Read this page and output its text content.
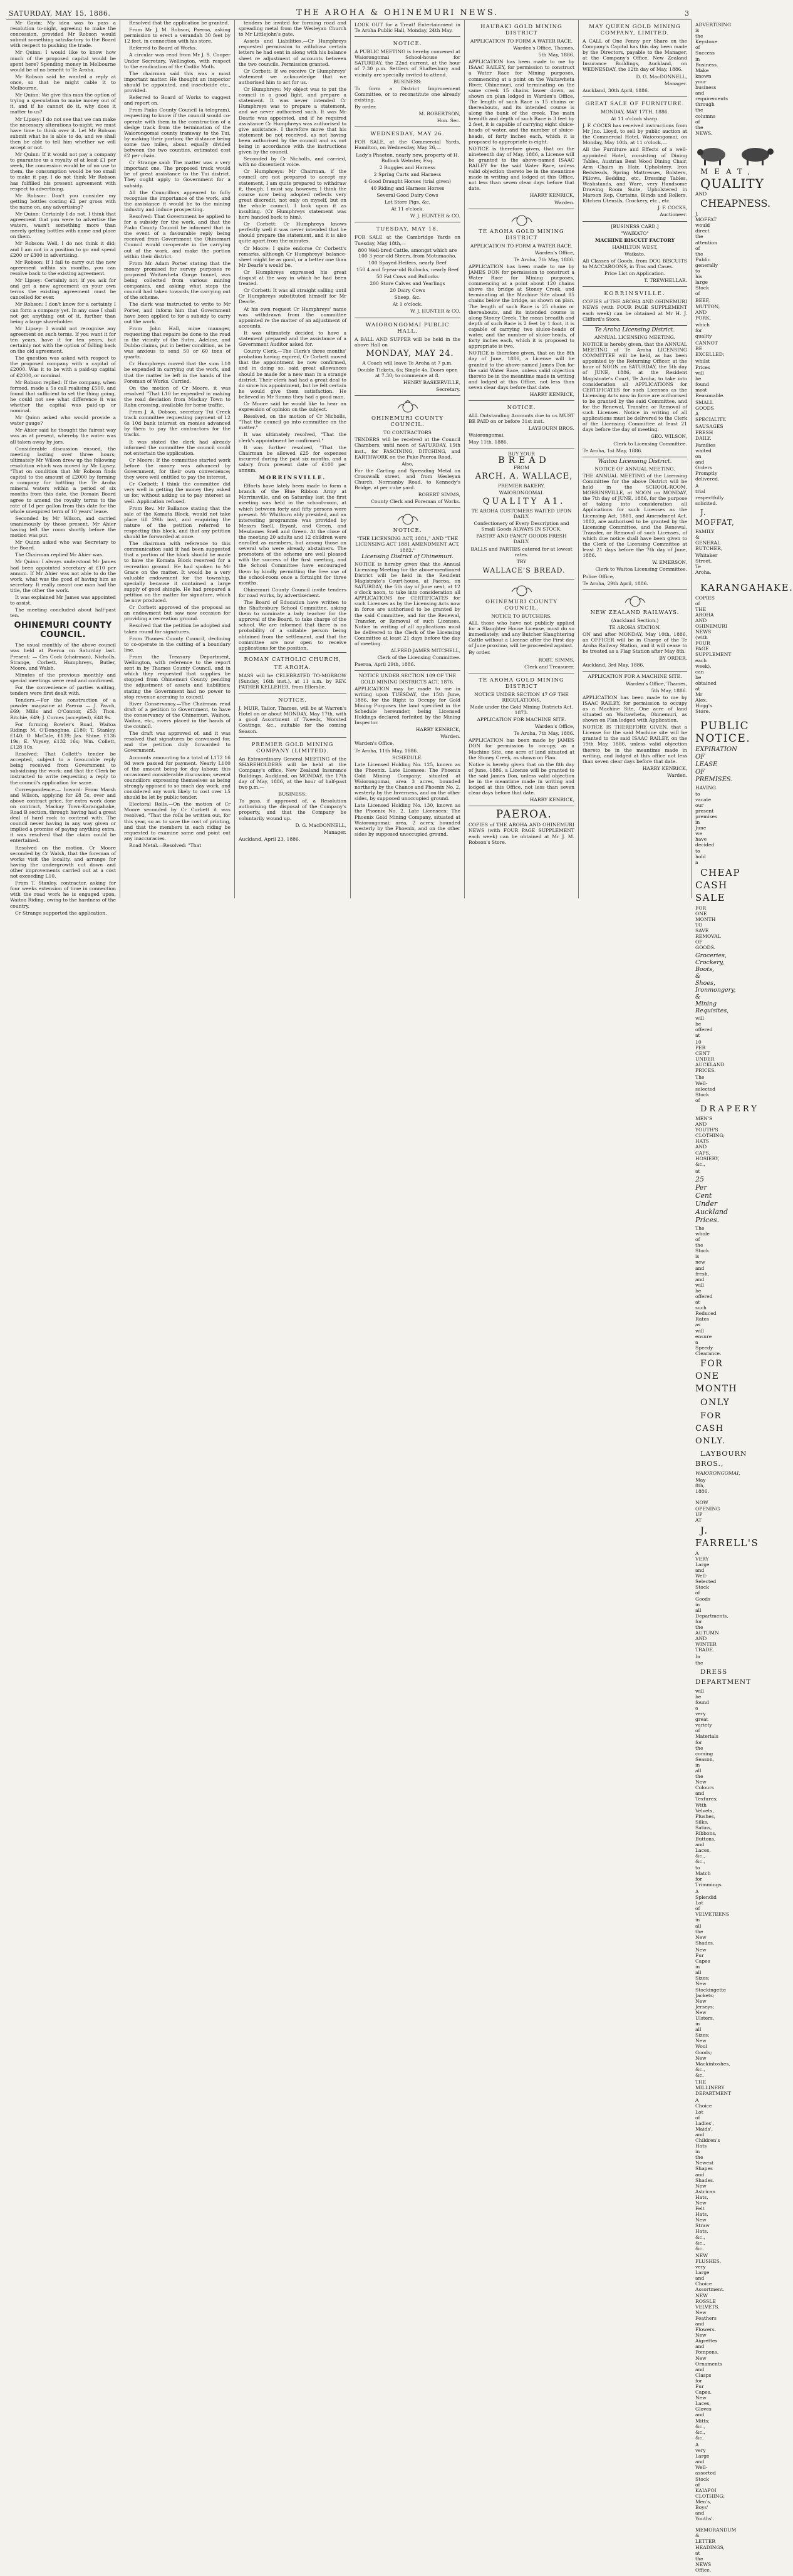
SATURDAY, MAY 15, 1886.	THE AROHA & OHINEMURI NEWS.	3

Mr Gavin: My idea was to pass a resolution to-night, agreeing to make the concession, provided Mr Robson would submit something satisfactory to the Board with respect to pushing the trade.

Mr Quinn: I would like to know how much of the proposed capital would be spent here? Spending money in Melbourne would be of no benefit to Te Aroha.

Mr Robson said he wanted a reply at once, so that he might cable it to Melbourne.

Mr Quinn: We give this man the option of trying a speculation to make money out of it, and if he cannot do it, why does it matter to us?

Mr Lipsey: I do not see that we can make the necessary alterations to-night; we must have time to think over it. Let Mr Robson submit what he is able to do, and we shall then be able to tell him whether we will accept or not.

Mr Quinn: If it would not pay a company to guarantee us a royalty of at least £1 per week, the concession would be of no use to them, the consumption would be too small to make it pay. I do not think Mr Robson has fulfilled his present agreement with respect to advertising.

Mr Robson: Don't you consider my getting bottles costing £2 per gross with the name on, any advertising?

Mr Quinn: Certainly I do not. I think that agreement that you were to advertise the waters, wasn't something more than merely getting bottles with name and place on them.

Mr Robson: Well, I do not think it did; and I am not in a position to go and spend £200 or £300 in advertising.

Mr Robson: If I fail to carry out the new agreement within six months, you can resolve back to the existing agreement.

Mr Lipsey: Certainly not; if you ask for and get a new agreement on your own terms the existing agreement must be cancelled for ever.

Mr Robson: I don't know for a certainty I can form a company yet. In any case I shall not get anything out of it, further than being a large shareholder.

Mr Lipsey: I would not recognise any agreement on such terms. If you want it for ten years, have it for ten years, but certainly not with the option of falling back on the old agreement.

The question was asked with respect to the proposed company with a capital of £2000. Was it to be with a paid-up capital of £2000, or nominal.

Mr Robson replied: If the company, when formed, made a 5s call realising £500, and found that sufficient to set the thing going, he could not see what difference it was whether the capital was paid-up or nominal.

Mr Quinn asked who would provide a water gauge?

Mr Ahier said he thought the fairest way was as at present, whereby the water was all taken away by jars.

Considerable discussion ensued, the meeting lasting over three hours; ultimately Mr Wilson drew up the following resolution which was moved by Mr Lipsey, "That on condition that Mr Robson finds capital to the amount of £2000 by forming a company for bottling the Te Aroha mineral waters within a period of six months from this date, the Domain Board agree to amend the royalty terms to the rate of 1d per gallon from this date for the whole unexpired term of 10 years' lease.

Seconded by Mr Wilson, and carried unanimously by those present, Mr Ahier having left the room shortly before the motion was put.

Mr Quinn asked who was Secretary to the Board.

The Chairman replied Mr Ahier was.

Mr Quinn: I always understood Mr James had been appointed secretary at £10 per annum. If Mr Ahier was not able to do the work, what was the good of having him as secretary. It really meant one man had the title, the other the work.

It was explained Mr James was appointed to assist.

The meeting concluded about half-past ten.

OHINEMURI COUNTY COUNCIL.

The usual monthly of the above council was held at Paeroa on Saturday last. Present: — Crs Cock (chairman), Nicholls, Strange, Corbett, Humphreys, Butler, Moore, and Walsh.

Minutes of the previous monthly and special meetings were read and confirmed.

For the convenience of parties waiting, tenders were first dealt with.

Tenders.—For the construction of a powder magazine at Paeroa — J. Pavch, £69; Mills and O'Connor, £53; Thos. Ritchie, £49; J. Cornes (accepted), £48 9s.

For forming Bowler's Road, Waitoa Riding: M. O'Donoghue, £180; T. Stanley, £140; O. McCale, £139; Jas. Shine, £136 19s; E. Voysey, £132 16s; Wm. Collett, £128 10s.

Resolved: That Collett's tender be accepted, subject to a favourable reply being received from Government to subsidising the work; and that the Clerk be instructed to write requesting a reply to the council's application for same.

Correspondence.— Inward: From Marsh and Wilson, applying for £8 5s, over and above contract price, for extra work done on contract, Mackay Town-Karangahake, Road B section, through having had a great deal of hard rock to contend with. The council never having in any way given or implied a promise of paying anything extra, it was resolved that the claim could be entertained.

Resolved on the motion, Cr Moore seconded by Cr Walsh, that the foreman of works visit the locality, and arrange for having the undergrowth cut down and other improvements carried out at a cost not exceeding L10.

From T. Stanley, contractor, asking for four weeks extension of time in connection with the road work he is engaged upon, Waitoa Riding, owing to the hardness of the country.

Cr Strange supported the application.

Resolved that the application be granted.

From Mr J. M. Robson, Paeroa, asking permission to erect a verandah 30 feet by 12 feet, in connection with his store.

Referred to Board of Works.

A circular was read from Mr J. S. Cooper Under Secretary, Wellington, with respect to the eradication of the Codlin Moth.

The chairman said this was a most important matter. He thought an inspector should be appointed, and insecticide etc., provided.

Referred to Board of Works to suggest and report on.

From Piako County Council (a telegram), requesting to know if the council would co-operate with them in the construction of a sledge track from the termination of the Waiorongomai county tramway to the Tui, by making their portion; the distance being some two miles, about equally divided between the two counties, estimated cost £2 per chain.

Cr Strange said: The matter was a very important one. The proposed track would be of great assistance to the Tui district. They ought apply to Government for a subsidy.

All the Councillors appeared to fully recognise the importance of the work, and the assistance it would be to the mining industry and induce prospecting.

Resolved: That Government be applied to for a subsidy for the work, and that the Piako County Council be informed that in the event of a favourable reply being received from Government the Ohinemuri Council would co-operate in the carrying out of the work, and make the portion within their district.

From Mr Adam Porter stating that the money promised for survey purposes re proposed Waitawheta Gorge tunnel, was being collected from various mining companies, and asking what steps the council had taken towards the carrying out of the scheme.

The clerk was instructed to write to Mr Porter, and inform him that Government have been applied to for a subsidy to carry out the work.

From John Hall, mine manager, requesting that repairs be done to the road in the vicinity of the Sutro, Adeline, and Dubbo claims, put in better condition, as he was anxious to send 50 or 60 tons of quartz.

Cr Humphreys moved that the sum L10 be expended in carrying out the work, and that the matter be left in the hands of the Foreman of Works. Carried.

On the motion of Cr Moore, it was resolved "That L10 be expended in making the road deviation from Mackay Town to Rahu crossing, available for horse traffic.

From J. A. Dobson, secretary Tui Creek track committee requesting payment of L2 6s 10d bank interest on monies advanced by them to pay the contractors for the tracks.

It was stated the clerk had already informed the committee the council could not entertain the application.

Cr Moore: If the committee started work before the money was advanced by Government, for their own convenience; they were well entitled to pay the interest.

Cr Corbett: I think the committee did very well in getting the money they asked us for, without asking us to pay interest as well. Application refused.

From Rev. Mr Ballance stating that the sale of the Komata Block, would not take place till 29th inst, and enquiring the nature of the petition referred to respecting this block, and that any petition should be forwarded at once.

The chairman with reference to this communication said it had been suggested that a portion of the block should be made to have the Komata Block reserved for a recreation ground. He had spoken to Mr Grace on the matter. It would be a very valuable endowment for the township, specially because it contained a large supply of good shingle. He had prepared a petition on the matter for signature, which he now produced.

Cr Corbett approved of the proposal as an endowment but saw now occasion for providing a recreation ground.

Resolved that the petition be adopted and taken round for signatures.

From Thames County Council, declining to co-operate in the cutting of a boundary line.

From the Treasury Department, Wellington, with reference to the report sent in by Thames County Council, and in which they requested that supplies be stopped from Ohinemuri County pending the adjustment of assets and liabilities; stating the Government had no power to stop revenue accruing to council.

River Conservancy.—The Chairman read draft of a petition to Government, to have the conservancy of the Ohinemuri, Waihou, Waitoa, etc., rivers placed in the hands of the council.

The draft was approved of, and it was resolved that signatures be canvassed for, and the petition duly forwarded to Government.

Accounts amounting to a total of L172 16 9d were passed for payment. Nearly L100 of the amount being for day labour, this occasioned considerable discussion; several councillors expressing themselves as being strongly opposed to so much day work, and considered any work likely to cost over L5 should be let by public tender.

Electoral Rolls.—On the motion of Cr Moore seconded by Cr Corbett it was resolved, "That the rolls be written out, for this year, so as to save the cost of printing, and that the members in each riding be requested to examine same and point out any inaccuracies.

Road Metal.—Resolved: "That

tenders be invited for forming road and spreading metal from the Wesleyan Church to Mr Littlejohn's gate.

Assets and Liabilities.—Cr Humphreys requested permission to withdraw certain letters he had sent in along with his balance sheet re adjustment of accounts between the two councils. Permission granted.

Cr Corbett: If we receive Cr Humphreys' statement we acknowledge that we authorised him to act for us.

Cr Humphreys: My object was to put the council in a good light, and prepare a statement. It was never intended Cr Humphreys was to prepare a statement, and we never authorised such. It was Mr Dearle was appointed, and if he required assistance Cr Humphreys was authorised to give assistance. I therefore move that his statement be not received, as not having been authorised by the council and as not being in accordance with the instructions given by the council.

Seconded by Cr Nicholls, and carried, with no dissentient voice.

Cr Humphreys: Mr Chairman, if the council are not prepared to accept my statement, I am quite prepared to withdraw it, though. I must say, however, I think the course now being adopted reflects very great discredit, not only on myself, but on the whole council. I look upon it as insulting. (Cr Humphreys statement was here handed back to him).

Cr Corbett: Cr Humphreys knows perfectly well it was never intended that he should prepare the statement, and it is also quite apart from the minutes.

Cr Moore: I quite endorse Cr Corbett's remarks, although Cr Humphreys' balance-sheet might be as good, or a better one than Mr Dearle's would be.

Cr Humphreys expressed his great disgust at the way in which he had been treated.

Cr Corbett: It was all straight sailing until Cr Humphreys substituted himself for Mr Dearle.

At his own request Cr Humphreys' name was withdrawn from the committee appointed re the matter of an adjustment of accounts.

It was ultimately decided to have a statement prepared and the assistance of a Government Auditor asked for.

County Clerk.—The Clerk's three months' probation having expired, Cr Corbett moved that the appointment be now confirmed, and in doing so, said great allowances should be made for a new man in a strange district. Their clerk had had a great deal to do since his appointment, but he felt certain he would give them satisfaction. He believed in Mr Simms they had a good man.

Cr Moore said he would like to hear an expression of opinion on the subject.

Resolved, on the motion of Cr Nicholls, "That the council go into committee on the matter."

It was ultimately resolved, "That the clerk's appointment be confirmed."

It was further resolved, "That the Chairman be allowed £25 for expenses incurred during the past six months, and a salary from present date of £100 per annum.

MORRINSVILLE.

Efforts have lately been made to form a branch of the Blue Ribbon Army at Morrinsville, and on Saturday last the first meeting was held in the school-room, at which between forty and fifty persons were present. Mr Whitburn ably presided, and an interesting programme was provided by Messrs Snell, Bryant, and Green, and Mesdames Snell and Green. At the close of the meeting 20 adults and 12 children were enrolled as members, but among those on several who were already abstainers. The promoters of the scheme are well pleased with the success of the first meeting, and the School Committee have encouraged them by kindly permitting the free use of the school-room once a fortnight for three months.

Ohinemuri County Council invite tenders for road works, by advertisement.

The Board of Education have written to the Shaftesbury School Committee, asking them to nominate a lady teacher for the approval of the Board, to take charge of the school. We are informed that there is no probability of a suitable person being obtained from the settlement, and that the committee are now open to receive applications for the position.

ROMAN CATHOLIC CHURCH,
TE AROHA.

MASS will be CELEBRATED TO-MORROW (Sunday, 16th inst.), at 11 a.m. by REV. FATHER KELLEHER, from Ellerslie.

NOTICE.

J. MUIR, Tailor, Thames, will be at Warren's Hotel on or about MONDAY, May 17th, with a good Assortment of Tweeds, Worsted Coatings, &c., suitable for the coming Season.

PREMIER GOLD MINING COMPANY (LIMITED).

An Extraordinary General MEETING of the SHAREHOLDERS will be held at the Company's office, New Zealand Insurance Buildings, Auckland, on MONDAY, the 17th day of May, 1886, at the hour of half-past two p.m.—

BUSINESS:

To pass, if approved of, a Resolution authorising the disposal of the Company's property, and that the Company be voluntarily wound up.

D. G. MacDONNELL,

Manager.

Auckland, April 23, 1886.

LOOK OUT for a Treat! Entertainment in Te Aroha Public Hall, Monday, 24th May.

NOTICE.

A PUBLIC MEETING is hereby convened at Waiorongomai School-house for SATURDAY, the 22nd current, at the hour of 7.30 p.m. Settlers of Shaftesbury and vicinity are specially invited to attend.

BUSINESS:

To form a District Improvement Committee, or to reconstitute one already existing.

By order.

M. ROBERTSON,

Hon. Sec.

WEDNESDAY, MAY 26.

FOR SALE, at the Commercial Yards, Hamilton, on Wednesday, May 26,—

Lady's Phaeton, nearly new, property of H. Bullock Webster, Esq.

2 Buggies and Harness

2 Spring Carts and Harness

4 Good Draught Horses (trial given)

40 Riding and Harness Horses

Several Good Dairy Cows

Lot Store Pigs, &c.

At 11 o'clock.

W. J. HUNTER & CO.

TUESDAY, MAY 18.

FOR SALE at the Cambridge Yards on Tuesday, May 18th,—

800 Well-bred Cattle, amongst which are 100 3 year-old Steers, from Motumaoho,

100 Spayed Heifers, nearly Beef

150 4 and 5-year-old Bullocks, nearly Beef

50 Fat Cows and Bullocks

200 Store Calves and Yearlings

20 Dairy Cows

Sheep, &c.

At 1 o'clock.

W. J. HUNTER & CO.

WAIORONGOMAI PUBLIC HALL.

A BALL AND SUPPER will be held in the above Hall on

MONDAY, MAY 24.

A Coach will leave Te Aroha at 7 p.m.

Double Tickets, 6s; Single 4s. Doors open at 7.30; to commence at 8.

HENRY BASKERVILLE,

Secretary.

OHINEMURI COUNTY COUNCIL.

TO CONTRACTORS

TENDERS will be received at the Council Chambers, until noon of SATURDAY, 15th inst., for FASCINING, DITCHING, and EARTHWORK on the Puke Paeroa Road.

Also,

For the Carting and Spreading Metal on Crosswalk street, and from Wesleyan Church, Normanby Road, to Kennedy's Bridge, at per cube yard.

ROBERT SIMMS,

County Clerk and Foreman of Works.

NOTICE.

"THE LICENSING ACT, 1881," AND "THE LICENSING ACT 1881 AMENDMENT ACT, 1882."

Licensing District of Ohinemuri.

NOTICE is hereby given that the Annual Licensing Meeting for the above-mentioned District will be held in the Resident Magistrate's Court-house, at Paeroa, on SATURDAY, the 5th day of June next, at 12 o'clock noon, to take into consideration all APPLICATIONS for CERTIFICATES for such Licenses as by the Licensing Acts now in force are authorised to be granted by the said Committee, and for the Renewal, Transfer, or Removal of such Licenses. Notice in writing of all applications must be delivered to the Clerk of the Licensing Committee at least 21 days before the day of meeting.

ALFRED JAMES MITCHELL,

Clerk of the Licensing Committee.

Paeroa, April 29th, 1886.

NOTICE UNDER SECTION 109 OF THE GOLD MINING DISTRICTS ACT, 1876.

APPLICATION may be made to me in writing upon TUESDAY, the 15th June, 1886, for the Right to Occupy for Gold Mining Purposes the land specified in the Schedule hereunder, being Licensed Holdings declared forfeited by the Mining Inspector.

HARRY KENRICK,

Warden.

Warden's Office,

Te Aroha, 11th May, 1886.

SCHEDULE.

Late Licensed Holding No. 125, known as the Phoenix. Late Licensee: The Phoenix Gold Mining Company; situated at Waiorongomai, area 3 acres, bounded northerly by the Chance and Phoenix No. 2, westerly by the Inverness, and on the other sides, by supposed unoccupied ground.

Late Licensed Holding No. 130, known as the Phoenix No. 2. Late Licensees: The Phoenix Gold Mining Company, situated at Waiorongomai; area, 2 acres; bounded westerly by the Phoenix, and on the other sides by supposed unoccupied ground.

HAURAKI GOLD MINING DISTRICT

APPLICATION TO FORM A WATER RACE.

Warden's Office, Thames,

5th May, 1886.

APPLICATION has been made to me by ISAAC RAILEY, for permission to construct a Water Race for Mining purposes, commencing at a point on the Waitawheta River, Ohinemuri, and terminating on the same creek 15 chains lower down, as shown on plan lodged in Warden's Office. The length of such Race is 15 chains or thereabouts, and its intended course is along the bank of the creek. The main breadth and depth of such Race is 3 feet by 2 feet, it is capable of carrying eight sluice-heads of water, and the number of sluice-heads, of forty inches each, which it is proposed to appropriate is eight.

NOTICE is therefore given, that on the nineteenth day of May, 1886, a License will be granted to the above-named ISAAC RAILEY for the said Water Race, unless valid objection thereto be in the meantime made in writing and lodged at this Office, not less than seven clear days before that date.

HARRY KENRICK,

Warden.

TE AROHA GOLD MINING DISTRICT

APPLICATION TO FORM A WATER RACE.

Warden's Office,

Te Aroha, 7th May, 1886.

APPLICATION has been made to me by JAMES DON for permission to construct a Water Race for Mining purposes, commencing at a point about 120 chains above the bridge at Stoney Creek, and terminating at the Machine Site about 85 chains below the bridge, as shown on plan. The length of such Race is 25 chains or thereabouts, and its intended course is along Stoney Creek. The mean breadth and depth of such Race is 2 feet by 1 foot, it is capable of carrying two sluice-heads of water, and the number of sluice-heads, of forty inches each, which it is proposed to appropriate is two.

NOTICE is therefore given, that on the 8th day of June, 1886, a License will be granted to the above-named James Don for the said Water Race, unless valid objection thereto be in the meantime made in writing and lodged at this Office, not less than seven clear days before that date.

HARRY KENRICK,

NOTICE.

ALL Outstanding Accounts due to us MUST BE PAID on or before 31st inst.

LAYBOURN BROS.

Waiorongomai,

May 11th, 1886.

BUY YOUR

BREAD

FROM

ARCH. A. WALLACE,

PREMIER BAKERY,

WAIORONGOMAI.

QUALITY A1.

TE AROHA CUSTOMERS WAITED UPON DAILY.

Confectionery of Every Description and Small Goods ALWAYS IN STOCK.

PASTRY AND FANCY GOODS FRESH DAILY.

BALLS and PARTIES catered for at lowest rates.

TRY

WALLACE'S BREAD.

OHINEMURI COUNTY COUNCIL.

NOTICE TO BUTCHERS.

ALL those who have not publicly applied for a Slaughter House License, must do so immediately; and any Butcher Slaughtering Cattle without a License after the First day of June proximo, will be proceeded against.

By order.

ROBT. SIMMS,

Clerk and Treasurer.

TE AROHA GOLD MINING DISTRICT

NOTICE UNDER SECTION 47 OF THE REGULATIONS,

Made under the Gold Mining Districts Act, 1873.

APPLICATION FOR MACHINE SITE.

Warden's Office,

Te Aroha, 7th May, 1886.

APPLICATION has been made by JAMES DON for permission to occupy, as a Machine Site, one acre of land situated at the Stoney Creek, as shown on Plan.

Notice is hereby given that on the 8th day of June, 1886, a License will be granted to the said James Don, unless valid objection be in the meantime made in writing and lodged at this Office, not less than seven clear days before that date.

HARRY KENRICK,

PAEROA.

COPIES of THE AROHA AND OHINEMURI NEWS (with FOUR PAGE SUPPLEMENT each week) can be obtained at Mr J. M. Robson's Store.

MAY QUEEN GOLD MINING COMPANY, LIMITED.

A CALL of One Penny per Share on the Company's Capital has this day been made by the Directors, payable to the Manager, at the Company's Office, New Zealand Insurance Buildings, Auckland, on WEDNESDAY, the 12th day of May, 1886.

D. G. MacDONNELL,

Manager.

Auckland, 30th April, 1886.

GREAT SALE OF FURNITURE.

MONDAY, MAY 17TH, 1886.

At 11 o'clock sharp.

J. F. COCKS has received instructions from Mr Jno. Lloyd, to sell by public auction at the Commercial Hotel, Waiorongomai, on Monday, May 10th, at 11 o'clock,—

All the Furniture and Effects of a well-appointed Hotel, consisting of Dining Tables, Austrian Bent Wood Dining Chair, Arm Chairs in Hair, Upholstery, Iron Bedsteads, Spring Mattresses, Bolsters, Pillows, Bedding, etc, Dressing Tables, Washstands, and Ware, very Handsome Drawing Room Suite, Upholstered in Maroon Rep, Curtains, Blinds and Rollers, Kitchen Utensils, Crockery, etc., etc.

J. F. COCKS,

Auctioneer.

[BUSINESS CARD.]

"WAIKATO"

MACHINE BISCUIT FACTORY

HAMILTON WEST,

Waikato.

All Classes of Goods, from DOG BISCUITS to MACCAROONS, in Tins and Cases.

Price List on Application.

T. TREWHELLAR.

KORRINSVILLE.

COPIES of THE AROHA AND OHINEMURI NEWS (with FOUR PAGE SUPPLEMENT each week) can be obtained at Mr H. J. Clifford's Store.

Te Aroha Licensing District.

ANNUAL LICENSING MEETING.

NOTICE is hereby given, that the ANNUAL MEETING of Te Aroha LICENSING COMMITTEE will be held, as has been appointed by the Returning Officer, at the hour of NOON on SATURDAY, the 5th day of JUNE, 1886, at the Resident Magistrate's Court, Te Aroha, to take into consideration all APPLICATIONS for CERTIFICATES for such Licenses as the Licensing Acts now in force are authorised to be granted by the said Committee, and for the Renewal, Transfer, or Removal of such Licenses. Notice in writing of all applications must be delivered to the Clerk of the Licensing Committee at least 21 days before the day of meeting.

GEO. WILSON,

Clerk to Licensing Committee.

Te Aroha, 1st May, 1886.

Waitoa Licensing District.

NOTICE OF ANNUAL MEETING.

THE ANNUAL MEETING of the Licensing Committee for the above District will be held in the SCHOOL-ROOM, MORRINSVILLE, at NOON on MONDAY, the 7th day of JUNE, 1886, for the purpose of taking into consideration all Applications for such Licenses as the Licensing Act, 1881, and Amendment Act, 1882, are authorised to be granted by the Licensing Committee, and the Renewal, Transfer, or Removal of such Licenses, of which due notice shall have been given to the Clerk of the Licensing Committee at least 21 days before the 7th day of June, 1886.

W. EMERSON,

Clerk to Waitoa Licensing Committee.

Police Office,

Te Aroha, 29th April, 1886.

NEW ZEALAND RAILWAYS.

(Auckland Section.)

TE AROHA STATION.

ON and after MONDAY, May 10th, 1886, an OFFICER will be in Charge of the Te Aroha Railway Station, and it will cease to be treated as a Flag Station after May 8th.

BY ORDER.

Auckland, 3rd May, 1886.

APPLICATION FOR A MACHINE SITE.

Warden's Office, Thames,

5th May, 1886.

APPLICATION has been made to me by ISAAC RAILEY, for permission to occupy as a Machine Site, One acre of land situated on Waitawheta, Ohinemuri, as shown on Plan lodged with Application.

NOTICE IS THEREFORE GIVEN, that a License for the said Machine site will be granted to the said ISAAC RAILEY, on the 19th May, 1886, unless valid objection thereto be in the meantime made in writing, and lodged at this office not less than seven clear days before that date.

HARRY KENRICK,

Warden.

ADVERTISING is the Keystone of Success in Business. Make known your business and requirements through the columns of the NEWS.

MEAT,

QUALITY

AND

CHEAPNESS.

J. MOFFAT would direct the attention of the Public generally to his large Stock of

BEEF, MUTTON, AND PORK,

which for quality

CANNOT BE EXCELLED;

whilst Prices will be found most Reasonable.

SMALL GOODS A SPECIALITY.

SAUSAGES FRESH DAILY.

Families waited on and Orders Promptly delivered.

A trial respectfully solicited.

J. MOFFAT,

FAMILY & GENERAL BUTCHER,

Whitaker Street, Te Aroha.

KARANGAHAKE.

COPIES of THE AROHA AND OHINEMURI NEWS (with FOUR PAGE SUPPLEMENT each week), can be obtained at Mr Alex. Hogg's Store.

PUBLIC NOTICE.

EXPIRATION OF LEASE OF PREMISES.

HAVING to vacate our present premises in June we have decided to hold a

CHEAP CASH SALE

FOR ONE MONTH TO SAVE REMOVAL OF GOODS.

Groceries, Crockery, Boots, & Shoes, Ironmongery, & Mining Requisites,

will be offered at

10 PER CENT UNDER AUCKLAND PRICES.

The Well-selected Stock of

DRAPERY

MEN'S AND YOUTH'S CLOTHING; HATS AND CAPS, HOSIERY, &c.,

at

25 Per Cent Under Auckland Prices.

The whole of the Stock is new and fresh, and will be offered at such Reduced Rates as will ensure a Speedy Clearance.

FOR ONE MONTH

ONLY

FOR CASH ONLY.

LAYBOURN BROS.,

WAIORONGOMAI,

May 8th, 1886.

NOW OPENING UP AT

J. FARRELL'S

A VERY Large and Well-Selected Stock of Goods in all Departments, for the AUTUMN AND WINTER TRADE.

In the

DRESS DEPARTMENT

will be found a very great variety of Materials for the coming Season, in all the New Colours and Textures; With Velvets, Plushes, Silks, Satins, Ribbons, Buttons, and Laces, &c., &c., to Match for Trimmings.

A Splendid Lot of VELVETEENS in all the New Shades.

New Fur Capes in all Sizes; New Stockingette Jackets; New Jerseys; New Ulsters, in all Sizes; New Wool Goods; New Mackintoshes, &c., &c.

THE MILLINERY DEPARTMENT

A Choice Lot of Ladies', Maids', and Children's Hats in the Newest Shapes and Shades. New Astrican Hats, New Felt Hats, New Straw Hats, &c., &c., &c.

NEW FLUSHES, very Large and Choice Assortment. NEW ROSSLE VELVETS. New Feathers and Flowers. New Aigrettes and Pompons. New Ornaments and Clasps for Fur Capes. New Laces, Gloves and Mitts; &c., &c., &c.

A very Large and Well-assorted Stock of KAIAPOI CLOTHING; Men's, Boys' and Youths'.

MEMORANDUM & LETTER HEADINGS, at the NEWS Office.
